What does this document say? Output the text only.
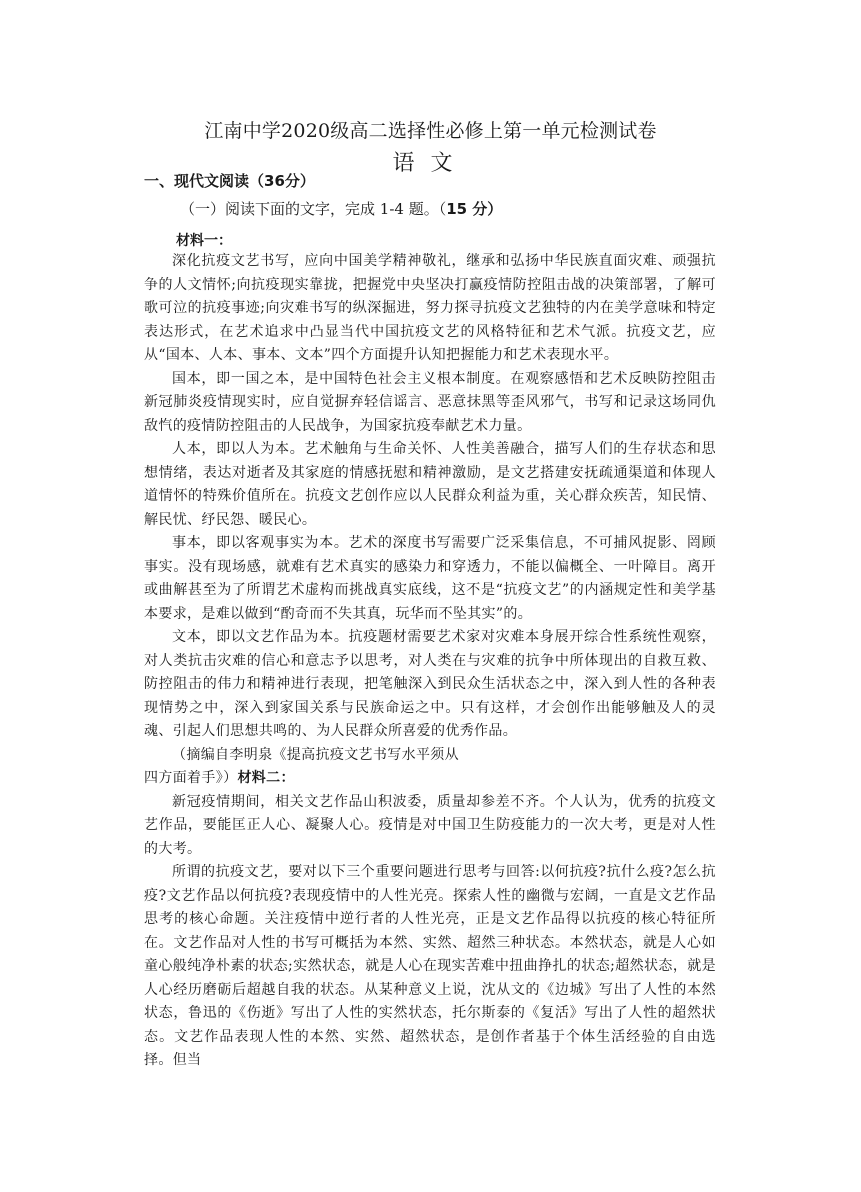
江南中学2020级高二选择性必修上第一单元检测试卷
语文
一、现代文阅读（36分）
（一）阅读下面的文字，完成 1-4 题。（15 分）
材料一：

深化抗疫文艺书写，应向中国美学精神敬礼，继承和弘扬中华民族直面灾难、顽强抗争的人文情怀;向抗疫现实靠拢，把握党中央坚决打赢疫情防控阻击战的决策部署，了解可歌可泣的抗疫事迹;向灾难书写的纵深掘进，努力探寻抗疫文艺独特的内在美学意味和特定表达形式，在艺术追求中凸显当代中国抗疫文艺的风格特征和艺术气派。抗疫文艺，应从“国本、人本、事本、文本”四个方面提升认知把握能力和艺术表现水平。

国本，即一国之本，是中国特色社会主义根本制度。在观察感悟和艺术反映防控阻击新冠肺炎疫情现实时，应自觉摒弃轻信谣言、恶意抹黑等歪风邪气，书写和记录这场同仇敌忾的疫情防控阻击的人民战争，为国家抗疫奉献艺术力量。

人本，即以人为本。艺术触角与生命关怀、人性美善融合，描写人们的生存状态和思想情绪，表达对逝者及其家庭的情感抚慰和精神激励，是文艺搭建安抚疏通渠道和体现人道情怀的特殊价值所在。抗疫文艺创作应以人民群众利益为重，关心群众疾苦，知民情、解民忧、纾民怨、暖民心。

事本，即以客观事实为本。艺术的深度书写需要广泛采集信息，不可捕风捉影、罔顾事实。没有现场感，就难有艺术真实的感染力和穿透力，不能以偏概全、一叶障目。离开或曲解甚至为了所谓艺术虚构而挑战真实底线，这不是“抗疫文艺”的内涵规定性和美学基本要求，是难以做到“酌奇而不失其真，玩华而不坠其实”的。

文本，即以文艺作品为本。抗疫题材需要艺术家对灾难本身展开综合性系统性观察，对人类抗击灾难的信心和意志予以思考，对人类在与灾难的抗争中所体现出的自救互救、防控阻击的伟力和精神进行表现，把笔触深入到民众生活状态之中，深入到人性的各种表现情势之中，深入到家国关系与民族命运之中。只有这样，才会创作出能够触及人的灵魂、引起人们思想共鸣的、为人民群众所喜爱的优秀作品。

（摘编自李明泉《提高抗疫文艺书写水平须从

四方面着手》）材料二：

新冠疫情期间，相关文艺作品山积波委，质量却参差不齐。个人认为，优秀的抗疫文艺作品，要能匡正人心、凝聚人心。疫情是对中国卫生防疫能力的一次大考，更是对人性的大考。

所谓的抗疫文艺，要对以下三个重要问题进行思考与回答:以何抗疫?抗什么疫?怎么抗疫?文艺作品以何抗疫?表现疫情中的人性光亮。探索人性的幽微与宏阔，一直是文艺作品思考的核心命题。关注疫情中逆行者的人性光亮，正是文艺作品得以抗疫的核心特征所在。文艺作品对人性的书写可概括为本然、实然、超然三种状态。本然状态，就是人心如童心般纯净朴素的状态;实然状态，就是人心在现实苦难中扭曲挣扎的状态;超然状态，就是人心经历磨砺后超越自我的状态。从某种意义上说，沈从文的《边城》写出了人性的本然状态，鲁迅的《伤逝》写出了人性的实然状态，托尔斯泰的《复活》写出了人性的超然状态。文艺作品表现人性的本然、实然、超然状态，是创作者基于个体生活经验的自由选择。但当
